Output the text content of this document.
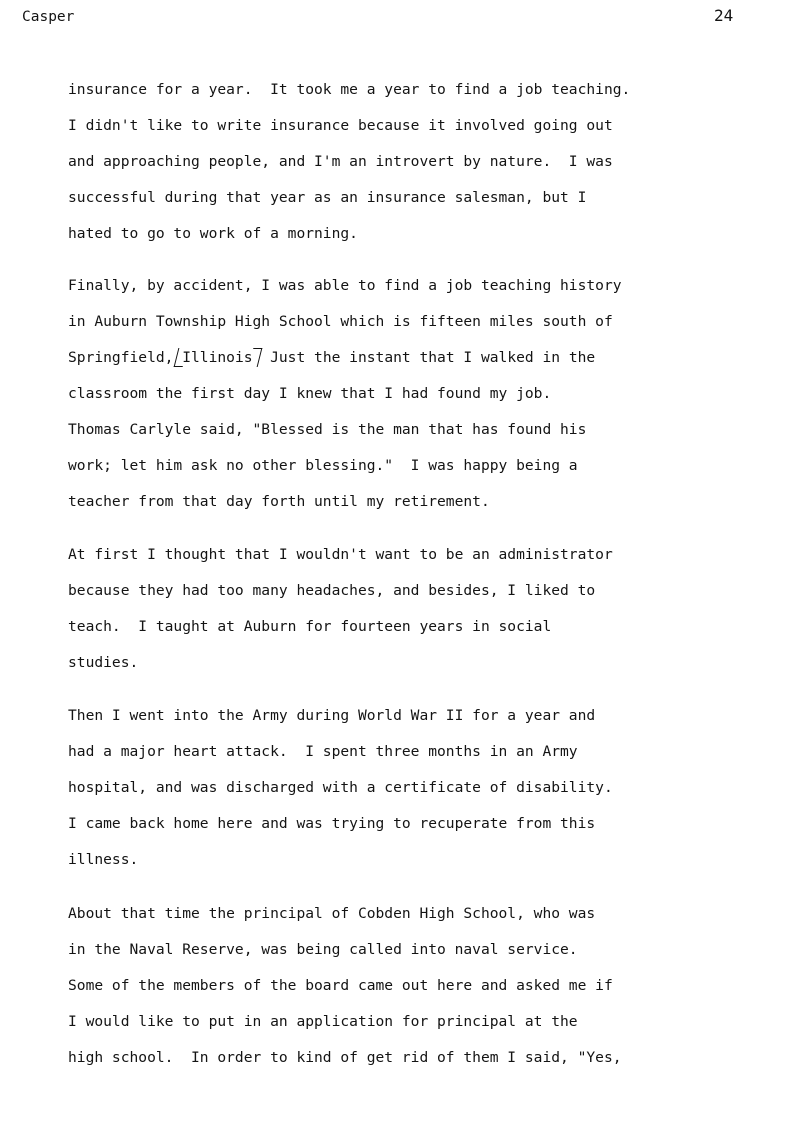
Casper	24
insurance for a year.  It took me a year to find a job teaching.
I didn't like to write insurance because it involved going out
and approaching people, and I'm an introvert by nature.  I was
successful during that year as an insurance salesman, but I
hated to go to work of a morning.
Finally, by accident, I was able to find a job teaching history
in Auburn Township High School which is fifteen miles south of
Springfield, Illinois  Just the instant that I walked in the
classroom the first day I knew that I had found my job.
Thomas Carlyle said, "Blessed is the man that has found his
work; let him ask no other blessing."  I was happy being a
teacher from that day forth until my retirement.
At first I thought that I wouldn't want to be an administrator
because they had too many headaches, and besides, I liked to
teach.  I taught at Auburn for fourteen years in social
studies.
Then I went into the Army during World War II for a year and
had a major heart attack.  I spent three months in an Army
hospital, and was discharged with a certificate of disability.
I came back home here and was trying to recuperate from this
illness.
About that time the principal of Cobden High School, who was
in the Naval Reserve, was being called into naval service.
Some of the members of the board came out here and asked me if
I would like to put in an application for principal at the
high school.  In order to kind of get rid of them I said, "Yes,
